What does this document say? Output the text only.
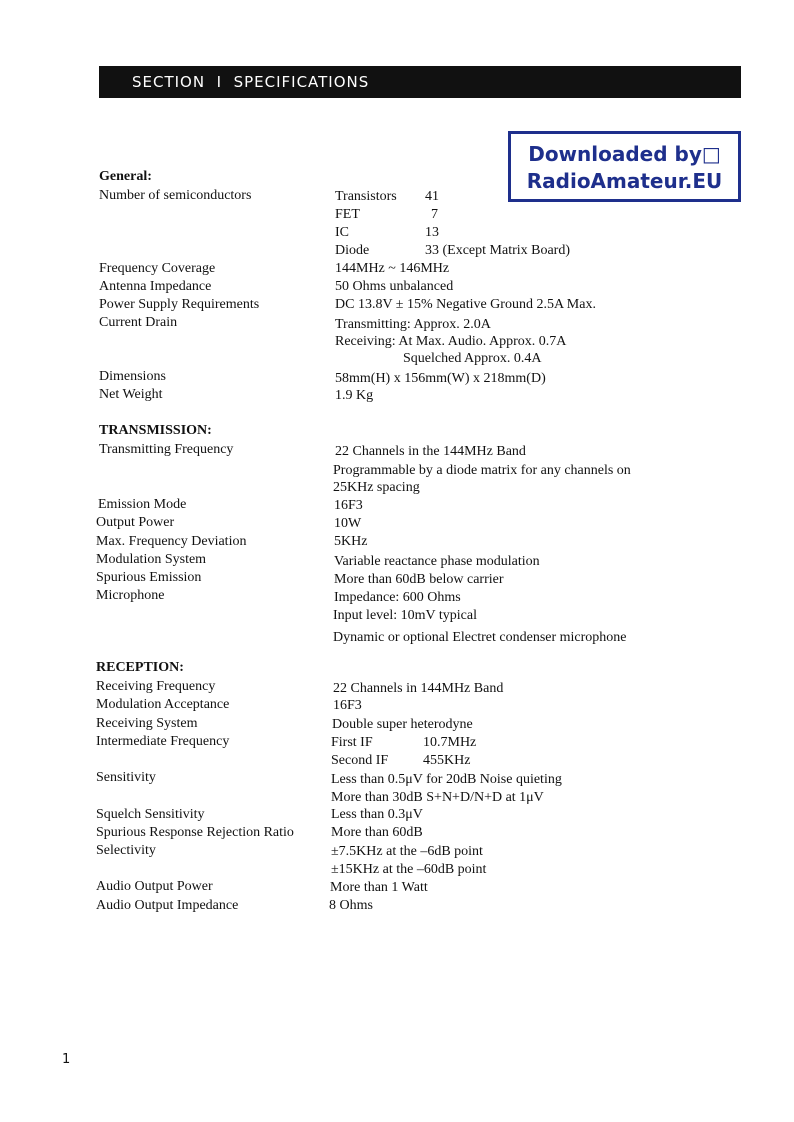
SECTION  I  SPECIFICATIONS
Downloaded by□
RadioAmateur.EU
General:
Number of semiconductors	Transistors 41
FET	7
IC	13
Diode	33 (Except Matrix Board)
Frequency Coverage	144MHz ~ 146MHz
Antenna Impedance	50 Ohms unbalanced
Power Supply Requirements	DC 13.8V ± 15% Negative Ground 2.5A Max.
Current Drain	Transmitting: Approx. 2.0A
Receiving: At Max. Audio. Approx. 0.7A
Squelched Approx. 0.4A
Dimensions	58mm(H) x 156mm(W) x 218mm(D)
Net Weight	1.9 Kg
TRANSMISSION:
Transmitting Frequency	22 Channels in the 144MHz Band
Programmable by a diode matrix for any channels on
25KHz spacing
Emission Mode	16F3
Output Power	10W
Max. Frequency Deviation	5KHz
Modulation System	Variable reactance phase modulation
Spurious Emission	More than 60dB below carrier
Microphone	Impedance: 600 Ohms
Input level: 10mV typical
Dynamic or optional Electret condenser microphone
RECEPTION:
Receiving Frequency	22 Channels in 144MHz Band
Modulation Acceptance	16F3
Receiving System	Double super heterodyne
Intermediate Frequency	First IF	10.7MHz
Second IF 455KHz
Sensitivity	Less than 0.5μV for 20dB Noise quieting
More than 30dB S+N+D/N+D at 1μV
Squelch Sensitivity	Less than 0.3μV
Spurious Response Rejection Ratio	More than 60dB
Selectivity	±7.5KHz at the –6dB point
±15KHz at the –60dB point
Audio Output Power	More than 1 Watt
Audio Output Impedance	8 Ohms
1
